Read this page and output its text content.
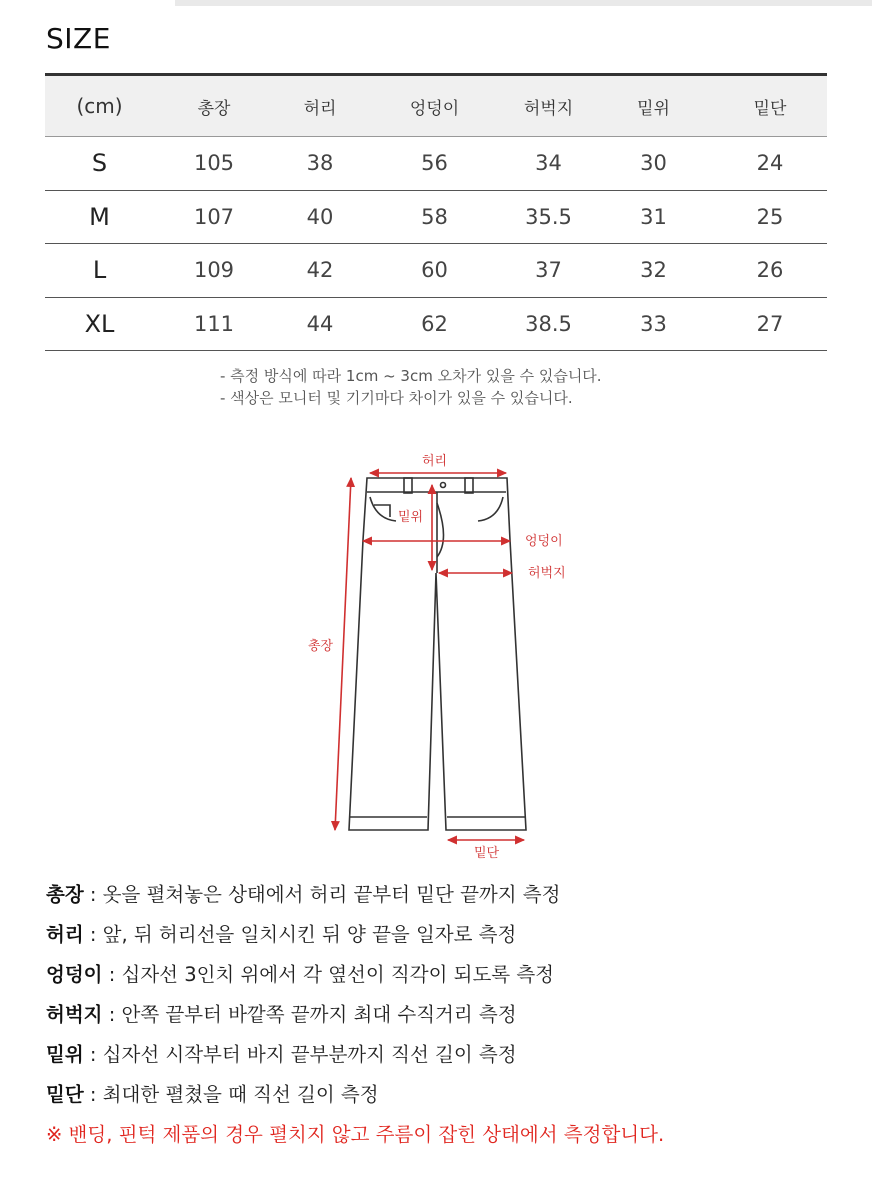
SIZE
(cm)	총장	허리	엉덩이	허벅지	밑위	밑단
S	105	38	56	34	30	24
M	107	40	58	35.5	31	25
L	109	42	60	37	32	26
XL	111	44	62	38.5	33	27
- 측정 방식에 따라 1cm ~ 3cm 오차가 있을 수 있습니다.
- 색상은 모니터 및 기기마다 차이가 있을 수 있습니다.
허리
밑위
엉덩이
허벅지
총장
밑단
총장 : 옷을 펼쳐놓은 상태에서 허리 끝부터 밑단 끝까지 측정
허리 : 앞, 뒤 허리선을 일치시킨 뒤 양 끝을 일자로 측정
엉덩이 : 십자선 3인치 위에서 각 옆선이 직각이 되도록 측정
허벅지 : 안쪽 끝부터 바깥쪽 끝까지 최대 수직거리 측정
밑위 : 십자선 시작부터 바지 끝부분까지 직선 길이 측정
밑단 : 최대한 펼쳤을 때 직선 길이 측정
※ 밴딩, 핀턱 제품의 경우 펼치지 않고 주름이 잡힌 상태에서 측정합니다.
